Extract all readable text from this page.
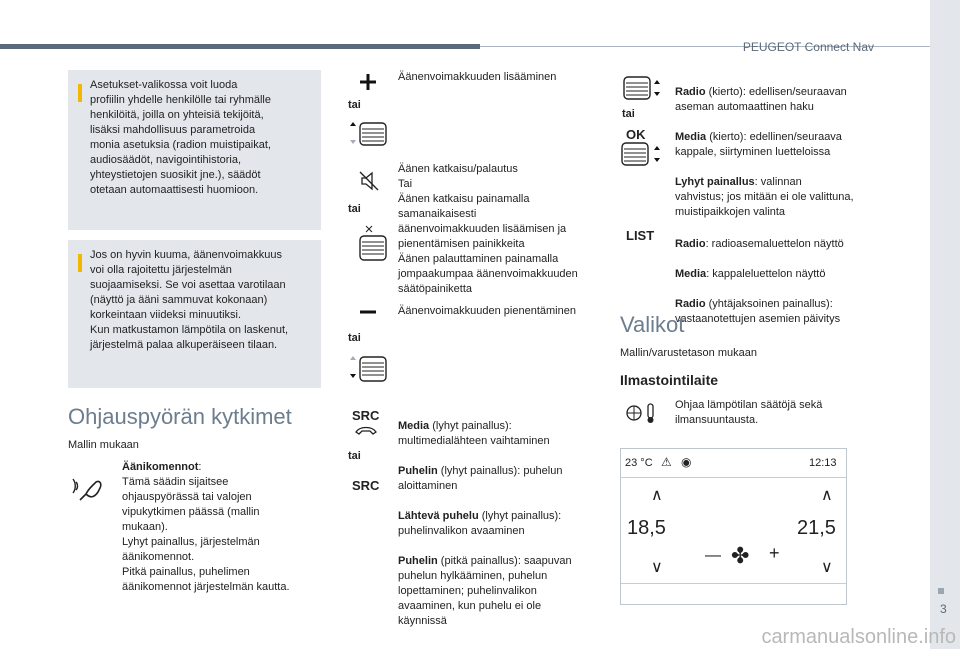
PEUGEOT Connect Nav
3
carmanualsonline.info

Asetukset-valikossa voit luoda
profiilin yhdelle henkilölle tai ryhmälle
henkilöitä, joilla on yhteisiä tekijöitä,
lisäksi mahdollisuus parametroida
monia asetuksia (radion muistipaikat,
audiosäädöt, navigointihistoria,
yhteystietojen suosikit jne.), säädöt
otetaan automaattisesti huomioon.

Jos on hyvin kuuma, äänenvoimakkuus
voi olla rajoitettu järjestelmän
suojaamiseksi. Se voi asettaa varotilaan
(näyttö ja ääni sammuvat kokonaan)
korkeintaan viideksi minuutiksi.
Kun matkustamon lämpötila on laskenut,
järjestelmä palaa alkuperäiseen tilaan.

Ohjauspyörän kytkimet
Mallin mukaan
Äänikomennot:
Tämä säädin sijaitsee
ohjauspyörässä tai valojen
vipukytkimen päässä (mallin
mukaan).
Lyhyt painallus, järjestelmän
äänikomennot.
Pitkä painallus, puhelimen
äänikomennot järjestelmän kautta.
tai
Äänenvoimakkuuden lisääminen
tai
Äänen katkaisu/palautus
Tai
Äänen katkaisu painamalla
samanaikaisesti
äänenvoimakkuuden lisäämisen ja
pienentämisen painikkeita
Äänen palauttaminen painamalla
jompaakumpaa äänenvoimakkuuden
säätöpainiketta
tai
Äänenvoimakkuuden pienentäminen
SRC
tai
SRC

Media (lyhyt painallus):
multimedialähteen vaihtaminen

Puhelin (lyhyt painallus): puhelun
aloittaminen

Lähtevä puhelu (lyhyt painallus):
puhelinvalikon avaaminen

Puhelin (pitkä painallus): saapuvan
puhelun hylkääminen, puhelun
lopettaminen; puhelinvalikon
avaaminen, kun puhelu ei ole
käynnissä

tai
OK

Radio (kierto): edellisen/seuraavan
aseman automaattinen haku

Media (kierto): edellinen/seuraava
kappale, siirtyminen luetteloissa

Lyhyt painallus: valinnan
vahvistus; jos mitään ei ole valittuna,
muistipaikkojen valinta

LIST

Radio: radioasemaluettelon näyttö

Media: kappaleluettelon näyttö

Radio (yhtäjaksoinen painallus):
vastaanotettujen asemien päivitys

Valikot
Mallin/varustetason mukaan
Ilmastointilaite
Ohjaa lämpötilan säätöjä sekä
ilmansuuntausta.
23 °C ⚠ ◉	12:13
18,5	21,5
∧
∨
∧
∨
✤
—	+
